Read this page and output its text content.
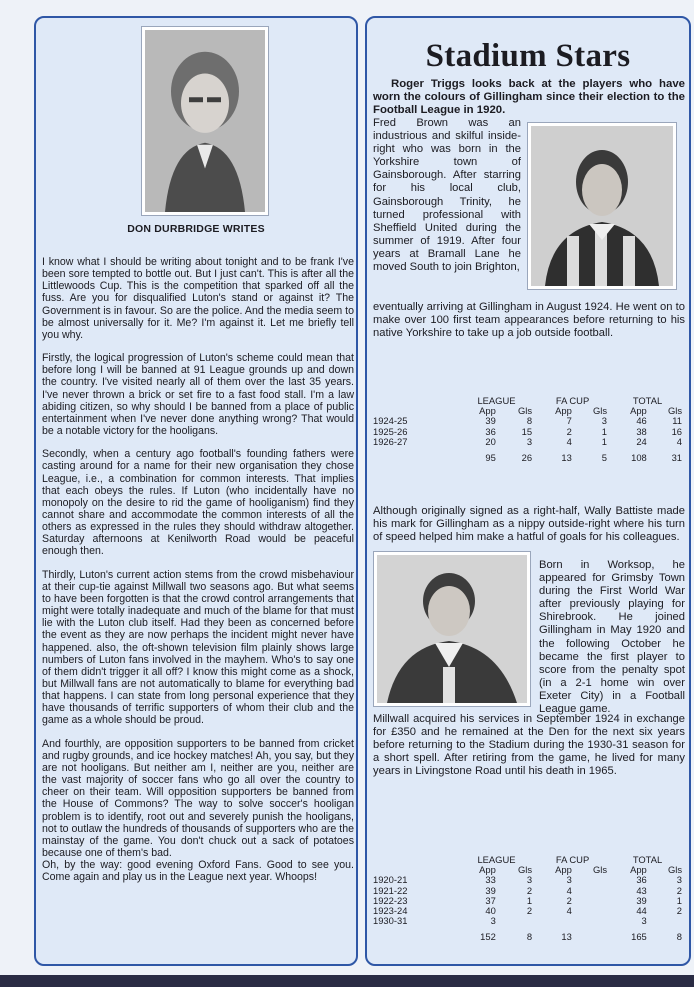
DON DURBRIDGE WRITES

I know what I should be writing about tonight and to be frank I've been sore tempted to bottle out. But I just can't. This is after all the Littlewoods Cup. This is the competition that sparked off all the fuss. Are you for disqualified Luton's stand or against it? The Government is in favour. So are the police. And the media seem to be almost universally for it. Me? I'm against it. Let me briefly tell you why.

Firstly, the logical progression of Luton's scheme could mean that before long I will be banned at 91 League grounds up and down the country. I've visited nearly all of them over the last 35 years. I've never thrown a brick or set fire to a fast food stall. I'm a law abiding citizen, so why should I be banned from a place of public entertainment when I've never done anything wrong? That would be a notable victory for the hooligans.

Secondly, when a century ago football's founding fathers were casting around for a name for their new organisation they chose League, i.e., a combination for common interests. That implies that each obeys the rules. If Luton (who incidentally have no monopoly on the desire to rid the game of hooliganism) find they cannot share and accommodate the common interests of all the others as expressed in the rules they should withdraw altogether. Saturday afternoons at Kenilworth Road would be peaceful enough then.

Thirdly, Luton's current action stems from the crowd misbehaviour at their cup-tie against Millwall two seasons ago. But what seems to have been forgotten is that the crowd control arrangements that might were totally inadequate and much of the blame for that must lie with the Luton club itself. Had they been as concerned before the event as they are now perhaps the incident might never have happened. also, the oft-shown television film plainly shows large numbers of Luton fans involved in the mayhem. Who's to say one of them didn't trigger it all off? I know this might come as a shock, but Millwall fans are not automatically to blame for everything bad that happens. I can state from long personal experience that they have thousands of terrific supporters of whom their club and the game as a whole should be proud.

And fourthly, are opposition supporters to be banned from cricket and rugby grounds, and ice hockey matches! Ah, you say, but they are not hooligans. But neither am I, neither are you, neither are the vast majority of soccer fans who go all over the country to cheer on their team. Will opposition supporters be banned from the House of Commons? The way to solve soccer's hooligan problem is to identify, root out and severely punish the hooligans, not to outlaw the hundreds of thousands of supporters who are the mainstay of the game. You don't chuck out a sack of potatoes because one of them's bad.

Oh, by the way: good evening Oxford Fans. Good to see you. Come again and play us in the League next year. Whoops!

Stadium Stars
Roger Triggs looks back at the players who have worn the colours of Gillingham since their election to the Football League in 1920.
Fred Brown was an industrious and skilful inside-right who was born in the Yorkshire town of Gainsborough. After starring for his local club, Gainsborough Trinity, he turned professional with Sheffield United during the summer of 1919. After four years at Bramall Lane he moved South to join Brighton,
eventually arriving at Gillingham in August 1924. He went on to make over 100 first team appearances before returning to his native Yorkshire to take up a job outside football.
	LEAGUE		FA CUP		TOTAL	
	App	Gls	App	Gls	App	Gls
1924-25	39	8	7	3	46	11
1925-26	36	15	2	1	38	16
1926-27	20	3	4	1	24	4
	95	26	13	5	108	31
Although originally signed as a right-half, Wally Battiste made his mark for Gillingham as a nippy outside-right where his turn of speed helped him make a hatful of goals for his colleagues.
Born in Worksop, he appeared for Grimsby Town during the First World War after previously playing for Shirebrook. He joined Gillingham in May 1920 and the following October he became the first player to score from the penalty spot (in a 2-1 home win over Exeter City) in a Football League game.
Millwall acquired his services in September 1924 in exchange for £350 and he remained at the Den for the next six years before returning to the Stadium during the 1930-31 season for a short spell. After retiring from the game, he lived for many years in Livingstone Road until his death in 1965.
	LEAGUE		FA CUP		TOTAL	
	App	Gls	App	Gls	App	Gls
1920-21	33	3	3		36	3
1921-22	39	2	4		43	2
1922-23	37	1	2		39	1
1923-24	40	2	4		44	2
1930-31	3				3	
	152	8	13		165	8
